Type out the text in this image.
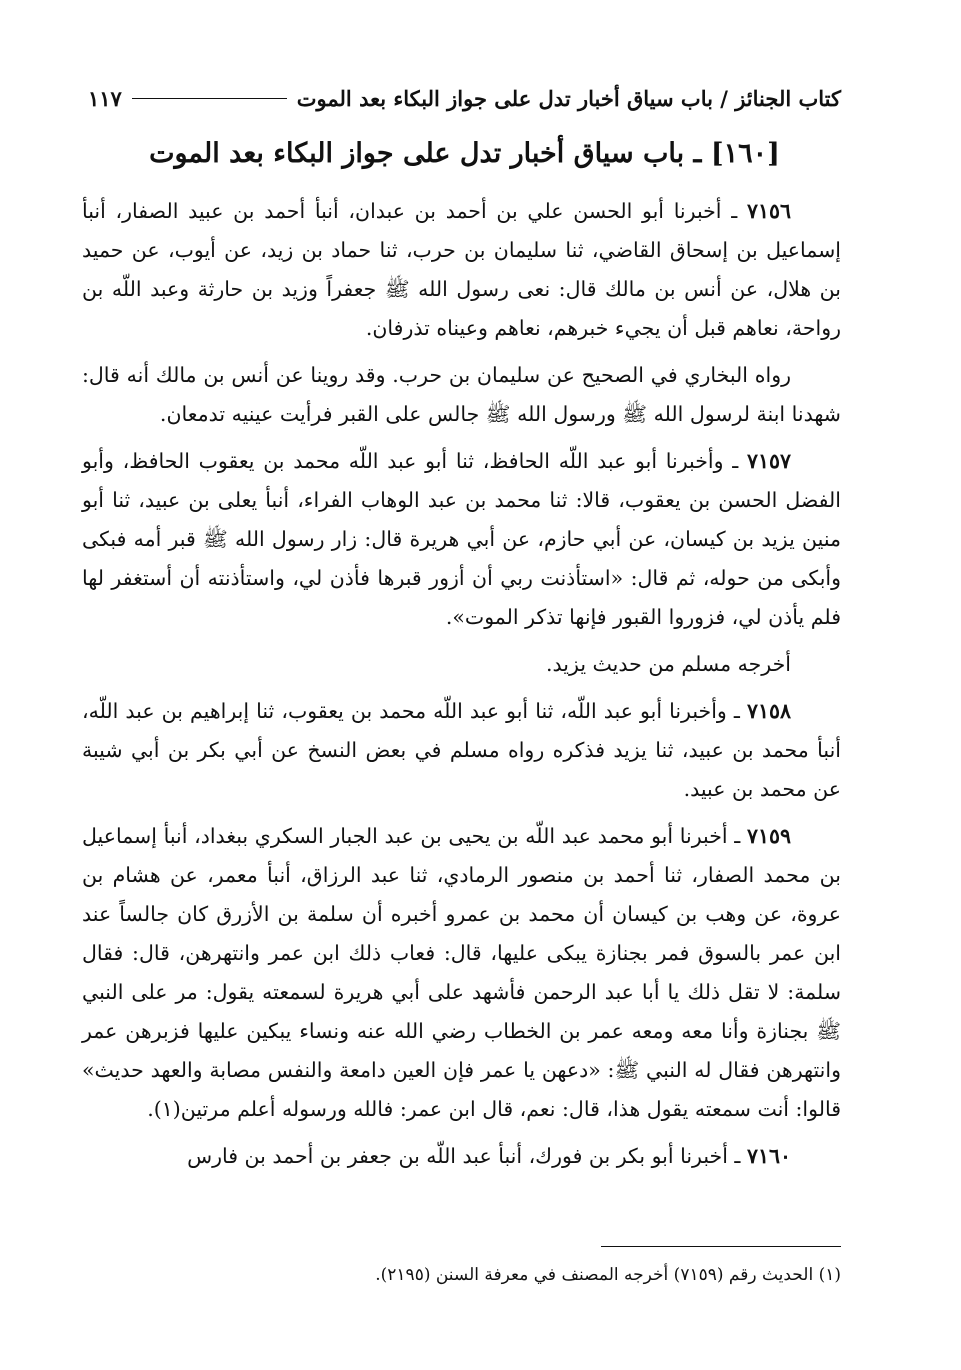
كتاب الجنائز / باب سياق أخبار تدل على جواز البكاء بعد الموت
١١٧
[١٦٠] ـ باب سياق أخبار تدل على جواز البكاء بعد الموت

٧١٥٦ ـ أخبرنا أبو الحسن علي بن أحمد بن عبدان، أنبأ أحمد بن عبيد الصفار، أنبأ إسماعيل بن إسحاق القاضي، ثنا سليمان بن حرب، ثنا حماد بن زيد، عن أيوب، عن حميد بن هلال، عن أنس بن مالك قال: نعى رسول الله ﷺ جعفراً وزيد بن حارثة وعبد اللّه بن رواحة، نعاهم قبل أن يجيء خبرهم، نعاهم وعيناه تذرفان.

رواه البخاري في الصحيح عن سليمان بن حرب. وقد روينا عن أنس بن مالك أنه قال: شهدنا ابنة لرسول الله ﷺ ورسول الله ﷺ جالس على القبر فرأيت عينيه تدمعان.

٧١٥٧ ـ وأخبرنا أبو عبد اللّه الحافظ، ثنا أبو عبد اللّه محمد بن يعقوب الحافظ، وأبو الفضل الحسن بن يعقوب، قالا: ثنا محمد بن عبد الوهاب الفراء، أنبأ يعلى بن عبيد، ثنا أبو منين يزيد بن كيسان، عن أبي حازم، عن أبي هريرة قال: زار رسول الله ﷺ قبر أمه فبكى وأبكى من حوله، ثم قال: «استأذنت ربي أن أزور قبرها فأذن لي، واستأذنته أن أستغفر لها فلم يأذن لي، فزوروا القبور فإنها تذكر الموت».

أخرجه مسلم من حديث يزيد.

٧١٥٨ ـ وأخبرنا أبو عبد اللّه، ثنا أبو عبد اللّه محمد بن يعقوب، ثنا إبراهيم بن عبد اللّه، أنبأ محمد بن عبيد، ثنا يزيد فذكره رواه مسلم في بعض النسخ عن أبي بكر بن أبي شيبة عن محمد بن عبيد.

٧١٥٩ ـ أخبرنا أبو محمد عبد اللّه بن يحيى بن عبد الجبار السكري ببغداد، أنبأ إسماعيل بن محمد الصفار، ثنا أحمد بن منصور الرمادي، ثنا عبد الرزاق، أنبأ معمر، عن هشام بن عروة، عن وهب بن كيسان أن محمد بن عمرو أخبره أن سلمة بن الأزرق كان جالساً عند ابن عمر بالسوق فمر بجنازة يبكى عليها، قال: فعاب ذلك ابن عمر وانتهرهن، قال: فقال سلمة: لا تقل ذلك يا أبا عبد الرحمن فأشهد على أبي هريرة لسمعته يقول: مر على النبي ﷺ بجنازة وأنا معه ومعه عمر بن الخطاب رضي الله عنه ونساء يبكين عليها فزبرهن عمر وانتهرهن فقال له النبي ﷺ: «دعهن يا عمر فإن العين دامعة والنفس مصابة والعهد حديث» قالوا: أنت سمعته يقول هذا، قال: نعم، قال ابن عمر: فالله ورسوله أعلم مرتين(١).

٧١٦٠ ـ أخبرنا أبو بكر بن فورك، أنبأ عبد اللّه بن جعفر بن أحمد بن فارس

(١) الحديث رقم (٧١٥٩) أخرجه المصنف في معرفة السنن (٢١٩٥).
